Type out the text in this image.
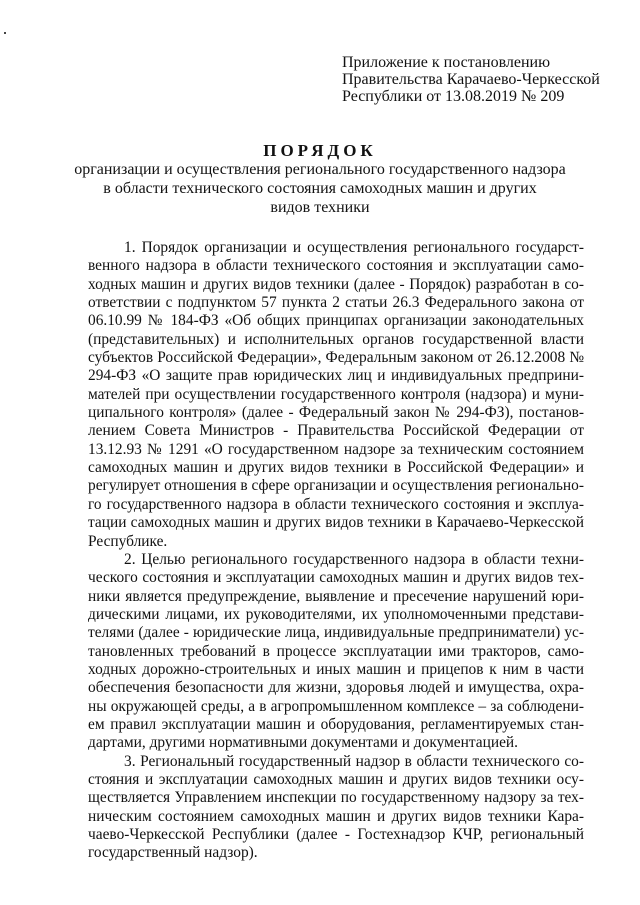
Приложение к постановлению
Правительства Карачаево-Черкесской
Республики от 13.08.2019 № 209
ПОРЯДОК
организации и осуществления регионального государственного надзора
в области технического состояния самоходных машин и других
видов техники
1. Порядок организации и осуществления регионального государст-
венного надзора в области технического состояния и эксплуатации само-
ходных машин и других видов техники (далее - Порядок) разработан в со-
ответствии с подпунктом 57 пункта 2 статьи 26.3 Федерального закона от
06.10.99 № 184-ФЗ «Об общих принципах организации законодательных
(представительных) и исполнительных органов государственной власти
субъектов Российской Федерации», Федеральным законом от 26.12.2008 №
294-ФЗ «О защите прав юридических лиц и индивидуальных предприни-
мателей при осуществлении государственного контроля (надзора) и муни-
ципального контроля» (далее - Федеральный закон № 294-ФЗ), постанов-
лением Совета Министров - Правительства Российской Федерации от
13.12.93 № 1291 «О государственном надзоре за техническим состоянием
самоходных машин и других видов техники в Российской Федерации» и
регулирует отношения в сфере организации и осуществления регионально-
го государственного надзора в области технического состояния и эксплуа-
тации самоходных машин и других видов техники в Карачаево-Черкесской
Республике.
2. Целью регионального государственного надзора в области техни-
ческого состояния и эксплуатации самоходных машин и других видов тех-
ники является предупреждение, выявление и пресечение нарушений юри-
дическими лицами, их руководителями, их уполномоченными представи-
телями (далее - юридические лица, индивидуальные предприниматели) ус-
тановленных требований в процессе эксплуатации ими тракторов, само-
ходных дорожно-строительных и иных машин и прицепов к ним в части
обеспечения безопасности для жизни, здоровья людей и имущества, охра-
ны окружающей среды, а в агропромышленном комплексе – за соблюдени-
ем правил эксплуатации машин и оборудования, регламентируемых стан-
дартами, другими нормативными документами и документацией.
3. Региональный государственный надзор в области технического со-
стояния и эксплуатации самоходных машин и других видов техники осу-
ществляется Управлением инспекции по государственному надзору за тех-
ническим состоянием самоходных машин и других видов техники Кара-
чаево-Черкесской Республики (далее - Гостехнадзор КЧР, региональный
государственный надзор).
